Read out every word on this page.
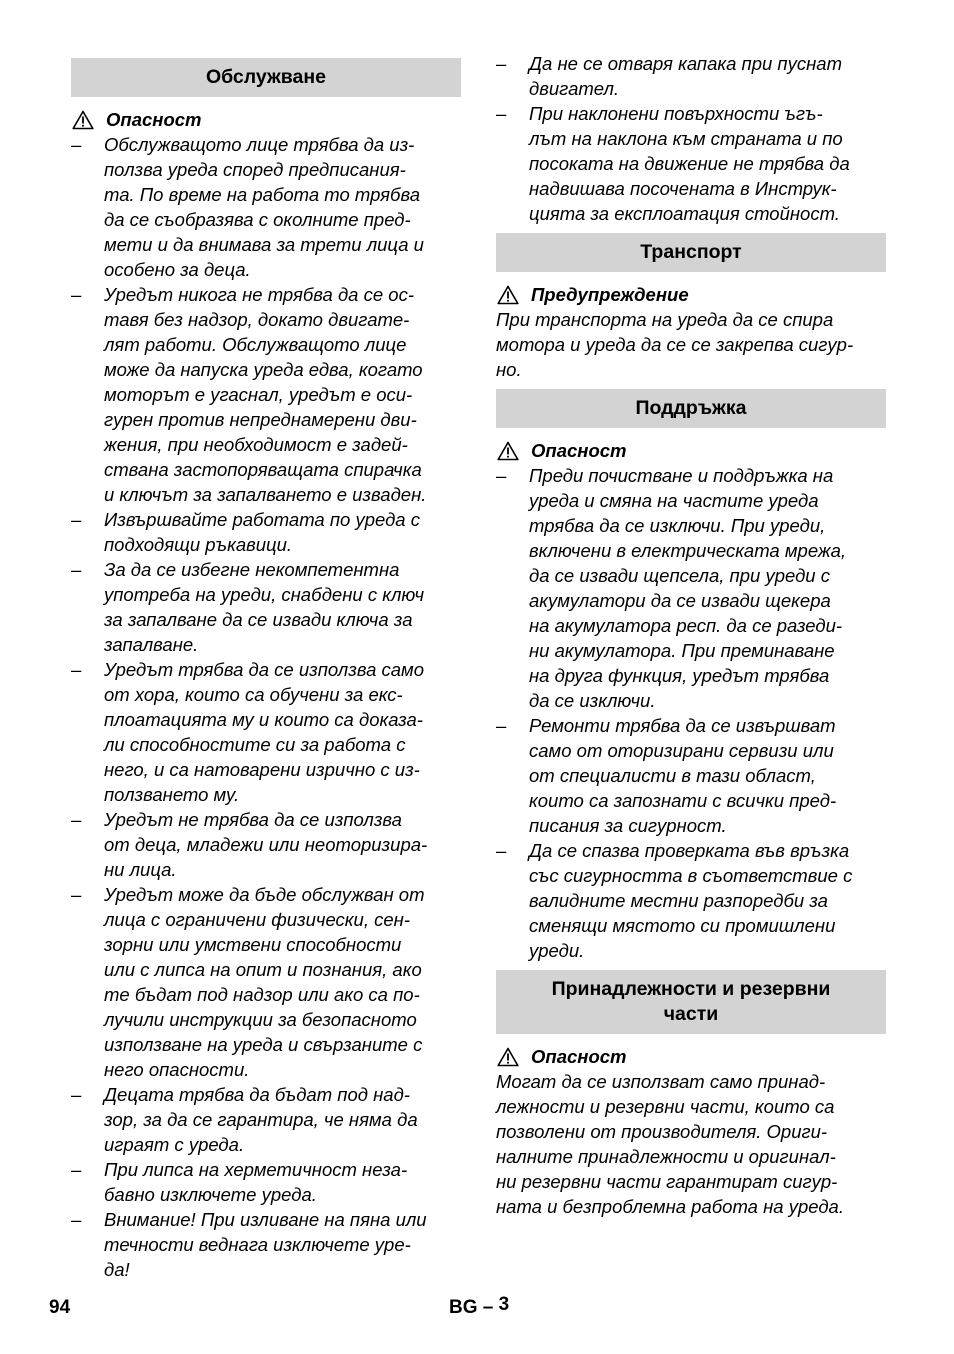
Обслужване
Опасност
– Обслужващото лице трябва да из-
ползва уреда според предписания-
та. По време на работа то трябва
да се съобразява с околните пред-
мети и да внимава за трети лица и
особено за деца.
– Уредът никога не трябва да се ос-
тавя без надзор, докато двигате-
лят работи. Обслужващото лице
може да напуска уреда едва, когато
моторът е угаснал, уредът е оси-
гурен против непреднамерени дви-
жения, при необходимост е задей-
ствана застопоряващата спирачка
и ключът за запалването е изваден.
– Извършвайте работата по уреда с
подходящи ръкавици.
– За да се избегне некомпетентна
употреба на уреди, снабдени с ключ
за запалване да се извади ключа за
запалване.
– Уредът трябва да се използва само
от хора, които са обучени за екс-
плоатацията му и които са доказа-
ли способностите си за работа с
него, и са натоварени изрично с из-
ползването му.
– Уредът не трябва да се използва
от деца, младежи или неоторизира-
ни лица.
– Уредът може да бъде обслужван от
лица с ограничени физически, сен-
зорни или умствени способности
или с липса на опит и познания, ако
те бъдат под надзор или ако са по-
лучили инструкции за безопасното
използване на уреда и свързаните с
него опасности.
– Децата трябва да бъдат под над-
зор, за да се гарантира, че няма да
играят с уреда.
– При липса на херметичност неза-
бавно изключете уреда.
– Внимание! При изливане на пяна или
течности веднага изключете уре-
да!
– Да не се отваря капака при пуснат
двигател.
– При наклонени повърхности ъгъ-
лът на наклона към страната и по
посоката на движение не трябва да
надвишава посочената в Инструк-
цията за експлоатация стойност.
Транспорт
Предупреждение

При транспорта на уреда да се спира
мотора и уреда да се се закрепва сигур-
но.

Поддръжка
Опасност
– Преди почистване и поддръжка на
уреда и смяна на частите уреда
трябва да се изключи. При уреди,
включени в електрическата мрежа,
да се извади щепсела, при уреди с
акумулатори да се извади щекера
на акумулатора респ. да се разеди-
ни акумулатора. При преминаване
на друга функция, уредът трябва
да се изключи.
– Ремонти трябва да се извършват
само от оторизирани сервизи или
от специалисти в тази област,
които са запознати с всички пред-
писания за сигурност.
– Да се спазва проверката във връзка
със сигурността в съответствие с
валидните местни разпоредби за
сменящи мястото си промишлени
уреди.
Принадлежности и резервни
части
Опасност

Могат да се използват само принад-
лежности и резервни части, които са
позволени от производителя. Ориги-
налните принадлежности и оригинал-
ни резервни части гарантират сигур-
ната и безпроблемна работа на уреда.

94	BG – 3
